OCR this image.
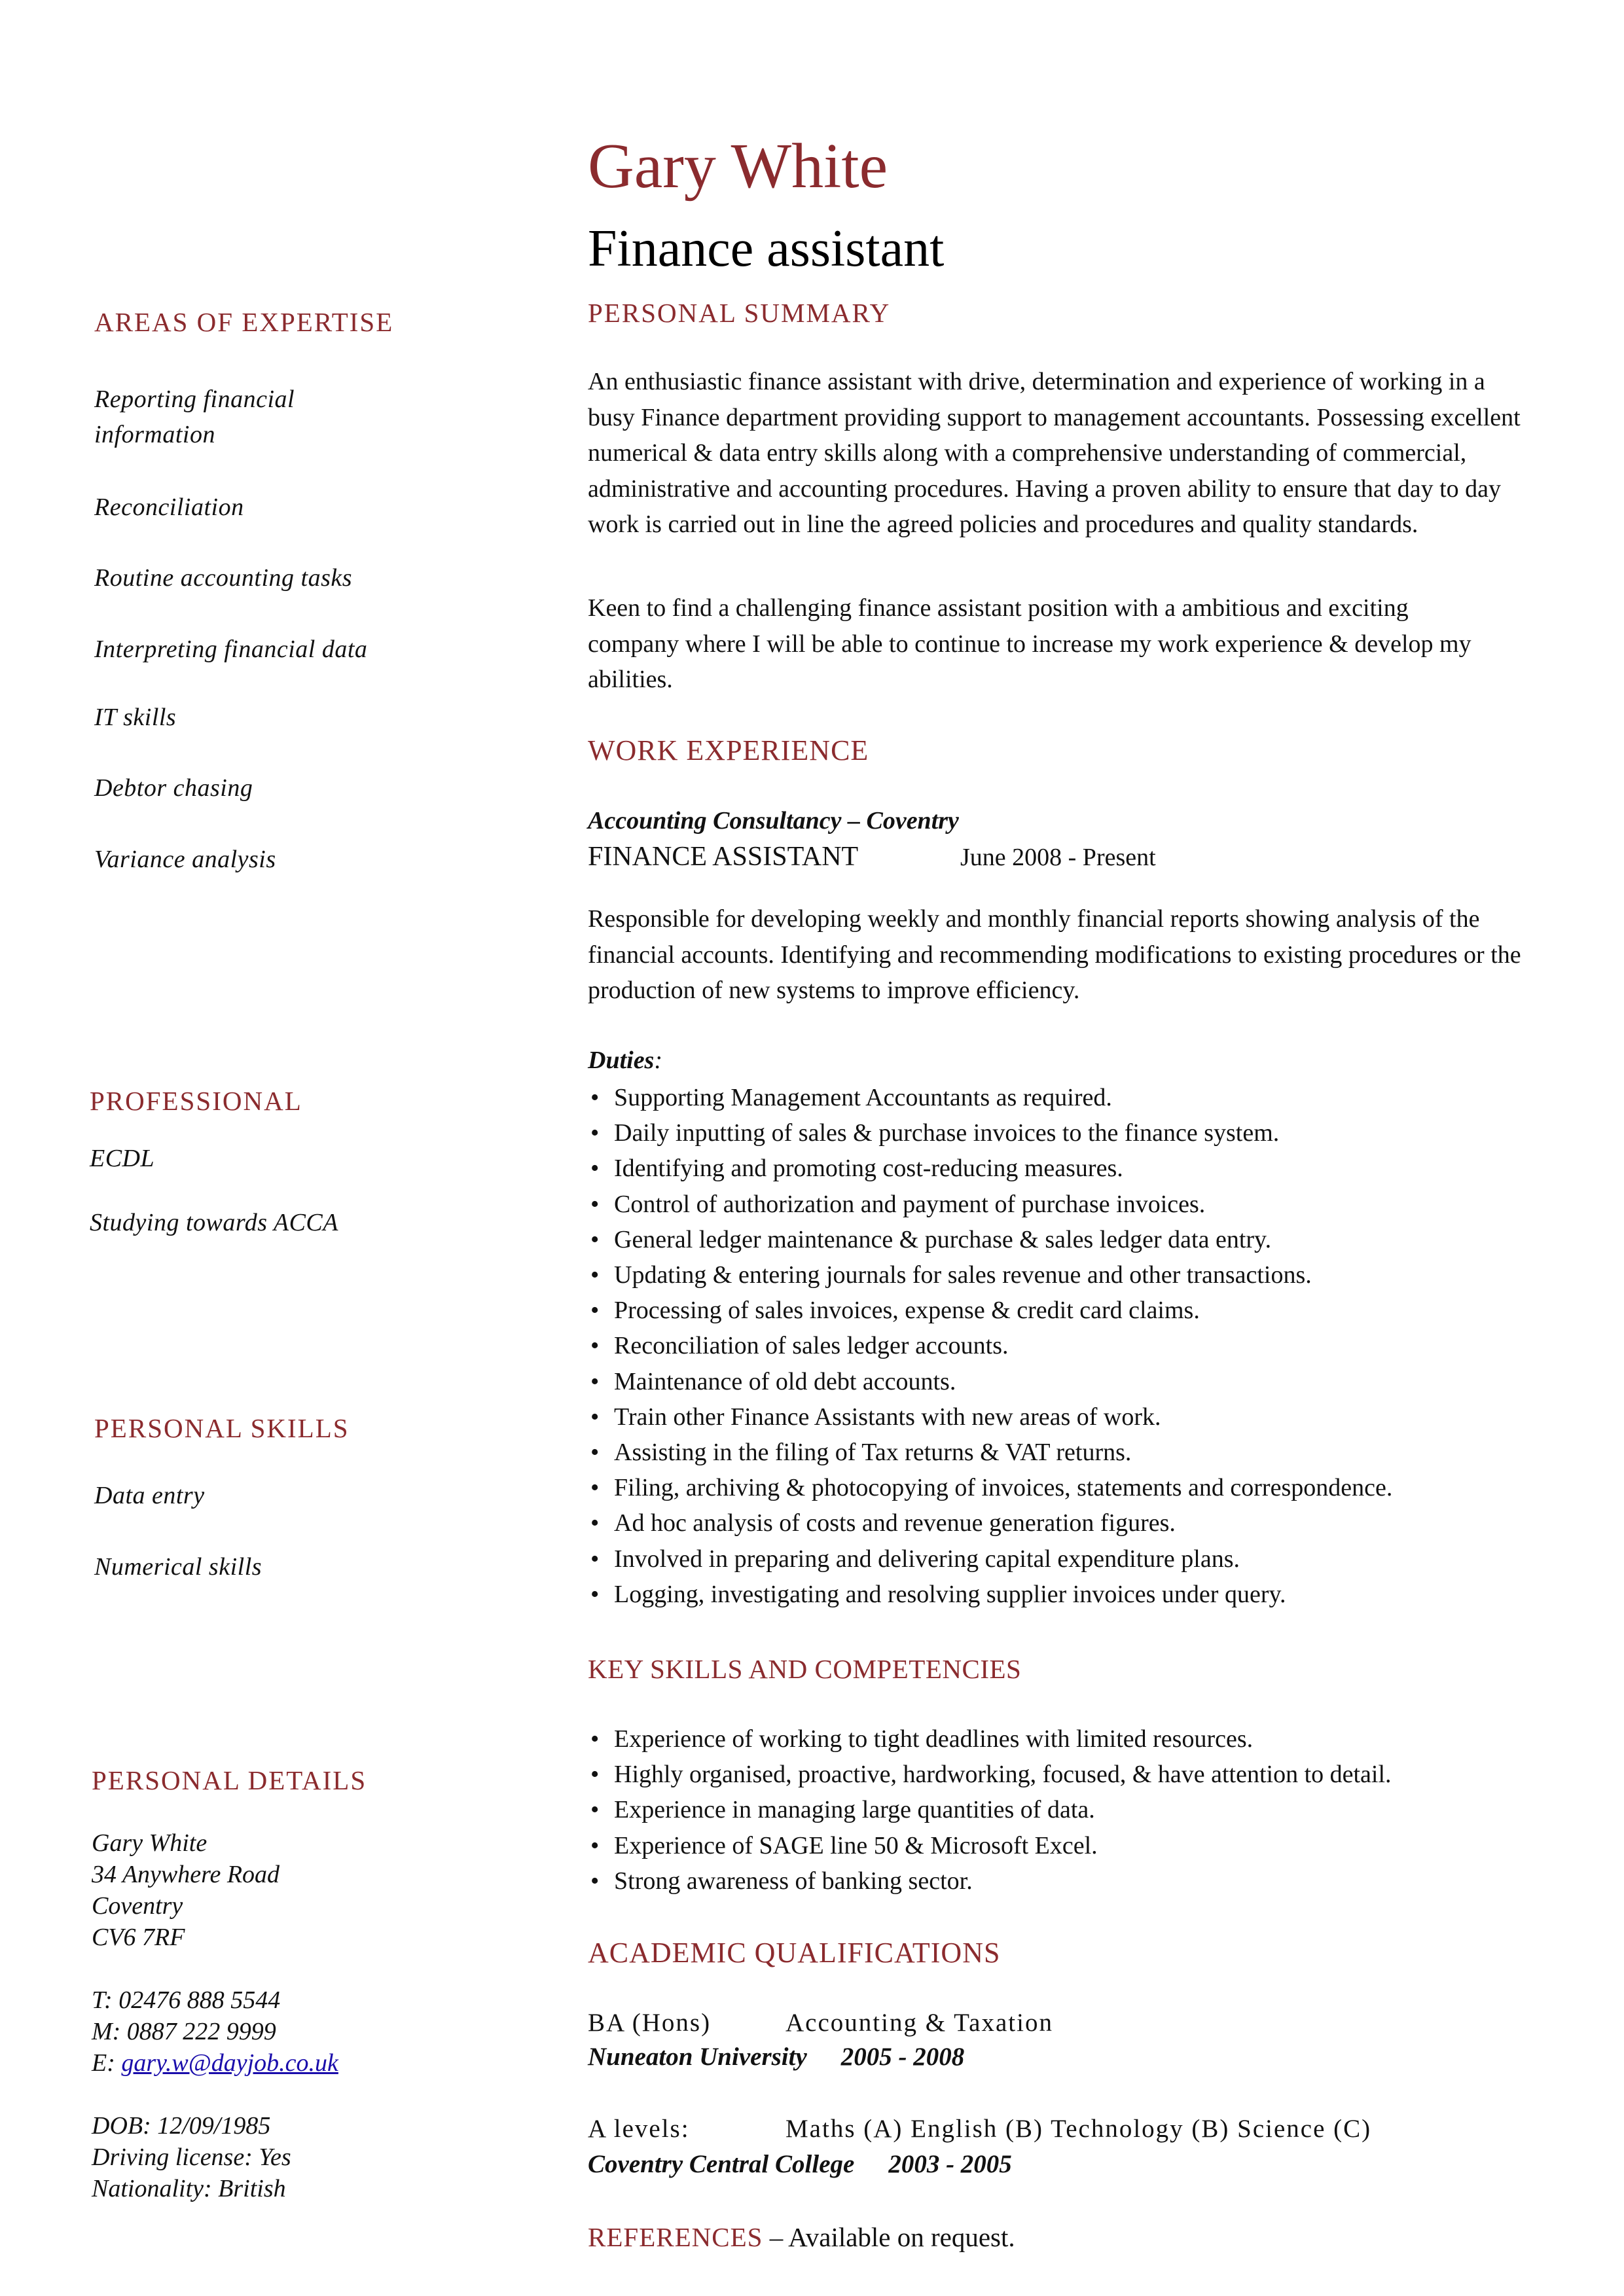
Gary White
Finance assistant
AREAS OF EXPERTISE
Reporting financial information
Reconciliation
Routine accounting tasks
Interpreting financial data
IT skills
Debtor chasing
Variance analysis
PROFESSIONAL
ECDL
Studying towards ACCA
PERSONAL SKILLS
Data entry
Numerical skills
PERSONAL DETAILS
Gary White
34 Anywhere Road
Coventry
CV6 7RF
T: 02476 888 5544
M: 0887 222 9999
E: gary.w@dayjob.co.uk
DOB: 12/09/1985
Driving license: Yes
Nationality: British
PERSONAL SUMMARY
An enthusiastic finance assistant with drive, determination and experience of working in a busy Finance department providing support to management accountants. Possessing excellent numerical & data entry skills along with a comprehensive understanding of commercial, administrative and accounting procedures. Having a proven ability to ensure that day to day work is carried out in line the agreed policies and procedures and quality standards.
Keen to find a challenging finance assistant position with a ambitious and exciting company where I will be able to continue to increase my work experience & develop my abilities.
WORK EXPERIENCE
Accounting Consultancy – Coventry
FINANCE ASSISTANT	June 2008 - Present
Responsible for developing weekly and monthly financial reports showing analysis of the financial accounts. Identifying and recommending modifications to existing procedures or the production of new systems to improve efficiency.
Duties:
• Supporting Management Accountants as required.
• Daily inputting of sales & purchase invoices to the finance system.
• Identifying and promoting cost-reducing measures.
• Control of authorization and payment of purchase invoices.
• General ledger maintenance & purchase & sales ledger data entry.
• Updating & entering journals for sales revenue and other transactions.
• Processing of sales invoices, expense & credit card claims.
• Reconciliation of sales ledger accounts.
• Maintenance of old debt accounts.
• Train other Finance Assistants with new areas of work.
• Assisting in the filing of Tax returns & VAT returns.
• Filing, archiving & photocopying of invoices, statements and correspondence.
• Ad hoc analysis of costs and revenue generation figures.
• Involved in preparing and delivering capital expenditure plans.
• Logging, investigating and resolving supplier invoices under query.
KEY SKILLS AND COMPETENCIES
• Experience of working to tight deadlines with limited resources.
• Highly organised, proactive, hardworking, focused, & have attention to detail.
• Experience in managing large quantities of data.
• Experience of SAGE line 50 & Microsoft Excel.
• Strong awareness of banking sector.
ACADEMIC QUALIFICATIONS
BA (Hons)	Accounting & Taxation
Nuneaton University 2005 - 2008
A levels:	Maths (A) English (B) Technology (B) Science (C)
Coventry Central College 2003 - 2005
REFERENCES – Available on request.
